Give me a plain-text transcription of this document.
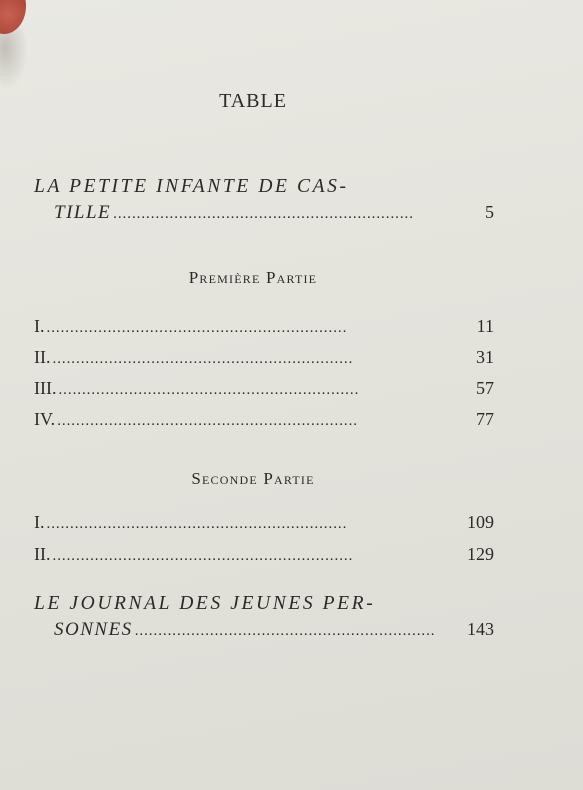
TABLE
LA PETITE INFANTE DE CAS-
TILLE . . .	5
Première Partie
I. . . .	11
II. . . .	31
III. . . .	57
IV. . . .	77
Seconde Partie
I. . . .	109
II. . . .	129
LE JOURNAL DES JEUNES PER-
SONNES . . .	143
